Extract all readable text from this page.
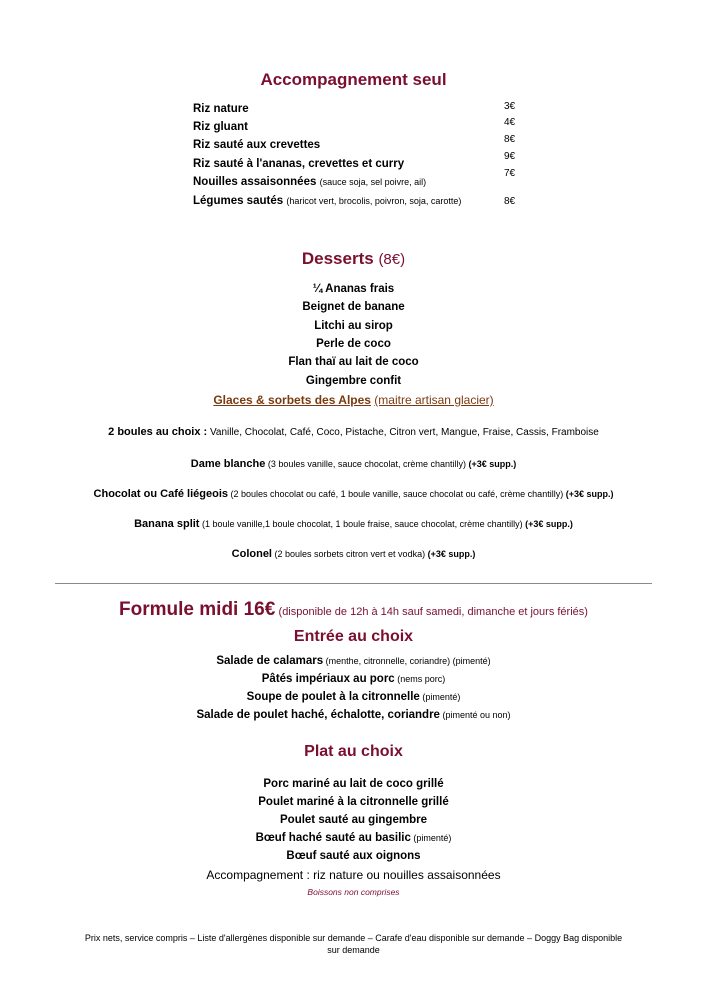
Accompagnement seul
Riz nature
Riz gluant
Riz sauté aux crevettes
Riz sauté à l'ananas, crevettes et curry
Nouilles assaisonnées (sauce soja, sel poivre, ail)
Légumes sautés (haricot vert, brocolis, poivron, soja, carotte)
3€
4€
8€
9€
7€
8€
Desserts (8€)
¼ Ananas frais
Beignet de banane
Litchi au sirop
Perle de coco
Flan thaï au lait de coco
Gingembre confit
Glaces & sorbets des Alpes (maitre artisan glacier)
2 boules au choix : Vanille, Chocolat, Café, Coco, Pistache, Citron vert, Mangue, Fraise, Cassis, Framboise
Dame blanche (3 boules vanille, sauce chocolat, crème chantilly) (+3€ supp.)
Chocolat ou Café liégeois (2 boules chocolat ou café, 1 boule vanille, sauce chocolat ou café, crème chantilly) (+3€ supp.)
Banana split (1 boule vanille,1 boule chocolat, 1 boule fraise, sauce chocolat, crème chantilly) (+3€ supp.)
Colonel (2 boules sorbets citron vert et vodka) (+3€ supp.)
Formule midi 16€ (disponible de 12h à 14h sauf samedi, dimanche et jours fériés)
Entrée au choix
Salade de calamars (menthe, citronnelle, coriandre) (pimenté)
Pâtés impériaux au porc (nems porc)
Soupe de poulet à la citronnelle (pimenté)
Salade de poulet haché, échalotte, coriandre (pimenté ou non)
Plat au choix
Porc mariné au lait de coco grillé
Poulet mariné à la citronnelle grillé
Poulet sauté au gingembre
Bœuf haché sauté au basilic (pimenté)
Bœuf sauté aux oignons
Accompagnement : riz nature ou nouilles assaisonnées
Boissons non comprises
Prix nets, service compris – Liste d'allergènes disponible sur demande – Carafe d'eau disponible sur demande – Doggy Bag disponible sur demande
